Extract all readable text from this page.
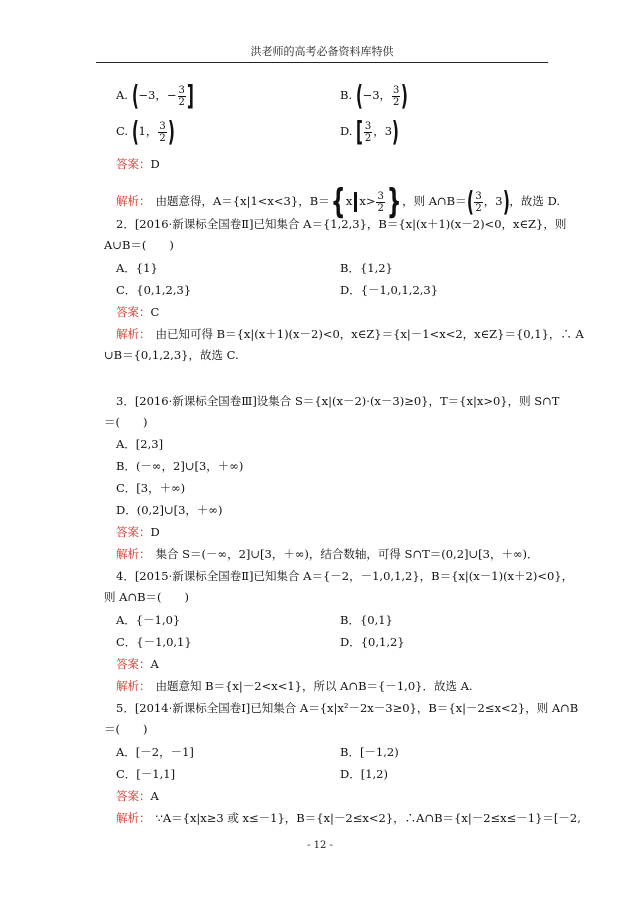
洪老师的高考必备资料库特供
A. (−3，− $\frac{3}{2}$ ]	B. (−3， $\frac{3}{2}$ )
C. (1， $\frac{3}{2}$ )	D. [ $\frac{3}{2}$ ，3)
答案：D
解析： 由题意得，A＝{x|1<x<3}，B＝{x $x> \frac{3}{2}$ }，则 A∩B＝( $\frac{3}{2}$ ，3)，故选 D.
2．[2016·新课标全国卷Ⅱ]已知集合 A＝{1,2,3}，B＝{x|(x＋1)(x－2)<0，x∈Z}，则
A∪B＝(　　)
A．{1}	B．{1,2}
C．{0,1,2,3}	D．{－1,0,1,2,3}
答案：C
解析： 由已知可得 B＝{x|(x＋1)(x－2)<0，x∈Z}＝{x|－1<x<2，x∈Z}＝{0,1}，∴ A
∪B＝{0,1,2,3}，故选 C.
3．[2016·新课标全国卷Ⅲ]设集合 S＝{x|(x－2)·(x－3)≥0}，T＝{x|x>0}，则 S∩T
＝(　　)
A．[2,3]
B．(－∞，2]∪[3，＋∞)
C．[3，＋∞)
D．(0,2]∪[3，＋∞)
答案：D
解析： 集合 S＝(－∞，2]∪[3，＋∞)，结合数轴，可得 S∩T＝(0,2]∪[3，＋∞)．
4．[2015·新课标全国卷Ⅱ]已知集合 A＝{－2，－1,0,1,2}，B＝{x|(x－1)(x＋2)<0}，
则 A∩B＝(　　)
A．{－1,0}	B．{0,1}
C．{－1,0,1}	D．{0,1,2}
答案：A
解析： 由题意知 B＝{x|－2<x<1}，所以 A∩B＝{－1,0}．故选 A.
5．[2014·新课标全国卷Ⅰ]已知集合 A＝{x|x²－2x－3≥0}，B＝{x|－2≤x<2}，则 A∩B
＝(　　)
A．[－2，－1]	B．[－1,2)
C．[－1,1]	D．[1,2)
答案：A
解析： ∵A＝{x|x≥3 或 x≤－1}，B＝{x|－2≤x<2}，∴A∩B＝{x|－2≤x≤－1}＝[－2,
- 12 -
